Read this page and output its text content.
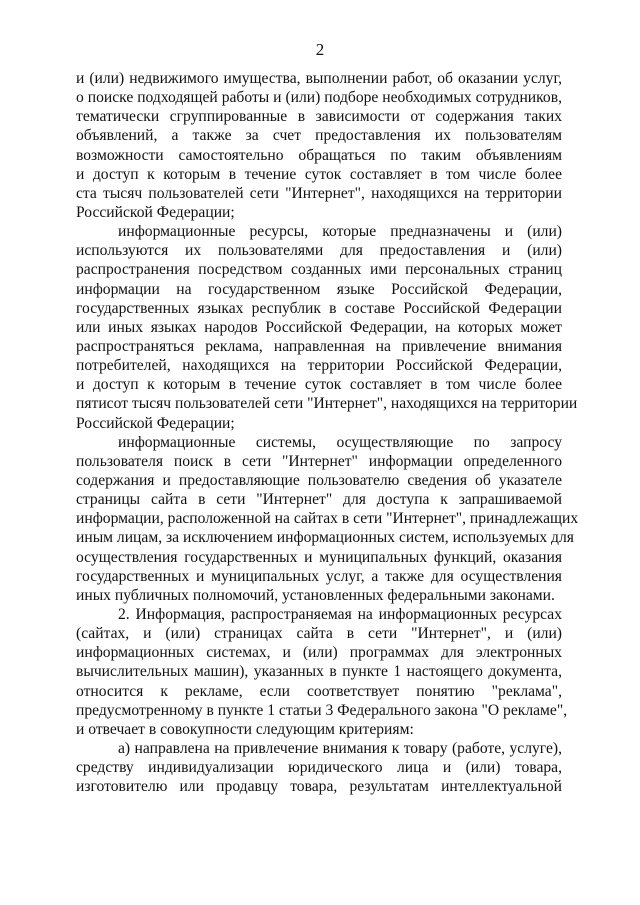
2
и (или) недвижимого имущества, выполнении работ, об оказании услуг,
о поиске подходящей работы и (или) подборе необходимых сотрудников,
тематически сгруппированные в зависимости от содержания таких
объявлений, а также за счет предоставления их пользователям
возможности самостоятельно обращаться по таким объявлениям
и доступ к которым в течение суток составляет в том числе более
ста тысяч пользователей сети "Интернет", находящихся на территории
Российской Федерации;
информационные ресурсы, которые предназначены и (или)
используются их пользователями для предоставления и (или)
распространения посредством созданных ими персональных страниц
информации на государственном языке Российской Федерации,
государственных языках республик в составе Российской Федерации
или иных языках народов Российской Федерации, на которых может
распространяться реклама, направленная на привлечение внимания
потребителей, находящихся на территории Российской Федерации,
и доступ к которым в течение суток составляет в том числе более
пятисот тысяч пользователей сети "Интернет", находящихся на территории
Российской Федерации;
информационные системы, осуществляющие по запросу
пользователя поиск в сети "Интернет" информации определенного
содержания и предоставляющие пользователю сведения об указателе
страницы сайта в сети "Интернет" для доступа к запрашиваемой
информации, расположенной на сайтах в сети "Интернет", принадлежащих
иным лицам, за исключением информационных систем, используемых для
осуществления государственных и муниципальных функций, оказания
государственных и муниципальных услуг, а также для осуществления
иных публичных полномочий, установленных федеральными законами.
2. Информация, распространяемая на информационных ресурсах
(сайтах, и (или) страницах сайта в сети "Интернет", и (или)
информационных системах, и (или) программах для электронных
вычислительных машин), указанных в пункте 1 настоящего документа,
относится к рекламе, если соответствует понятию "реклама",
предусмотренному в пункте 1 статьи 3 Федерального закона "О рекламе",
и отвечает в совокупности следующим критериям:
а) направлена на привлечение внимания к товару (работе, услуге),
средству индивидуализации юридического лица и (или) товара,
изготовителю или продавцу товара, результатам интеллектуальной
